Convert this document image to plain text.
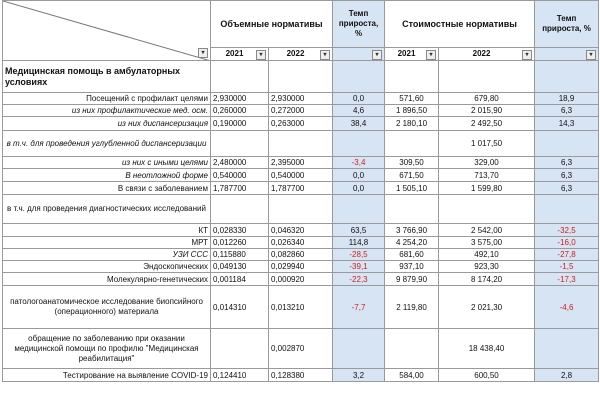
▾	Объемные нормативы		Темп прироста, %	Стоимостные нормативы		Темп прироста, %
	2021 ▾	2022 ▾	▾	2021 ▾	2022 ▾	▾

Медицинская помощь в амбулаторных условиях						
Посещений с профилакт целями	2,930000	2,930000	0,0	571,60	679,80	18,9
из них профилактические мед. осм.	0,260000	0,272000	4,6	1 896,50	2 015,90	6,3
из них диспансеризация	0,190000	0,263000	38,4	2 180,10	2 492,50	14,3
в т.ч. для проведения углубленной диспансеризации					1 017,50	
из них с иными целями	2,480000	2,395000	-3,4	309,50	329,00	6,3
В неотложной форме	0,540000	0,540000	0,0	671,50	713,70	6,3
В связи с заболеванием	1,787700	1,787700	0,0	1 505,10	1 599,80	6,3
в т.ч. для проведения диагностических исследований						
КТ	0,028330	0,046320	63,5	3 766,90	2 542,00	-32,5
МРТ	0,012260	0,026340	114,8	4 254,20	3 575,00	-16,0
УЗИ ССС	0,115880	0,082860	-28,5	681,60	492,10	-27,8
Эндоскопических	0,049130	0,029940	-39,1	937,10	923,30	-1,5
Молекулярно-генетических	0,001184	0,000920	-22,3	9 879,90	8 174,20	-17,3
патологоанатомическое исследование биопсийного (операционного) материала	0,014310	0,013210	-7,7	2 119,80	2 021,30	-4,6
обращение по заболеванию при оказании медицинской помощи по профилю "Медицинская реабилитация"		0,002870			18 438,40	
Тестирование на выявление COVID-19	0,124410	0,128380	3,2	584,00	600,50	2,8
